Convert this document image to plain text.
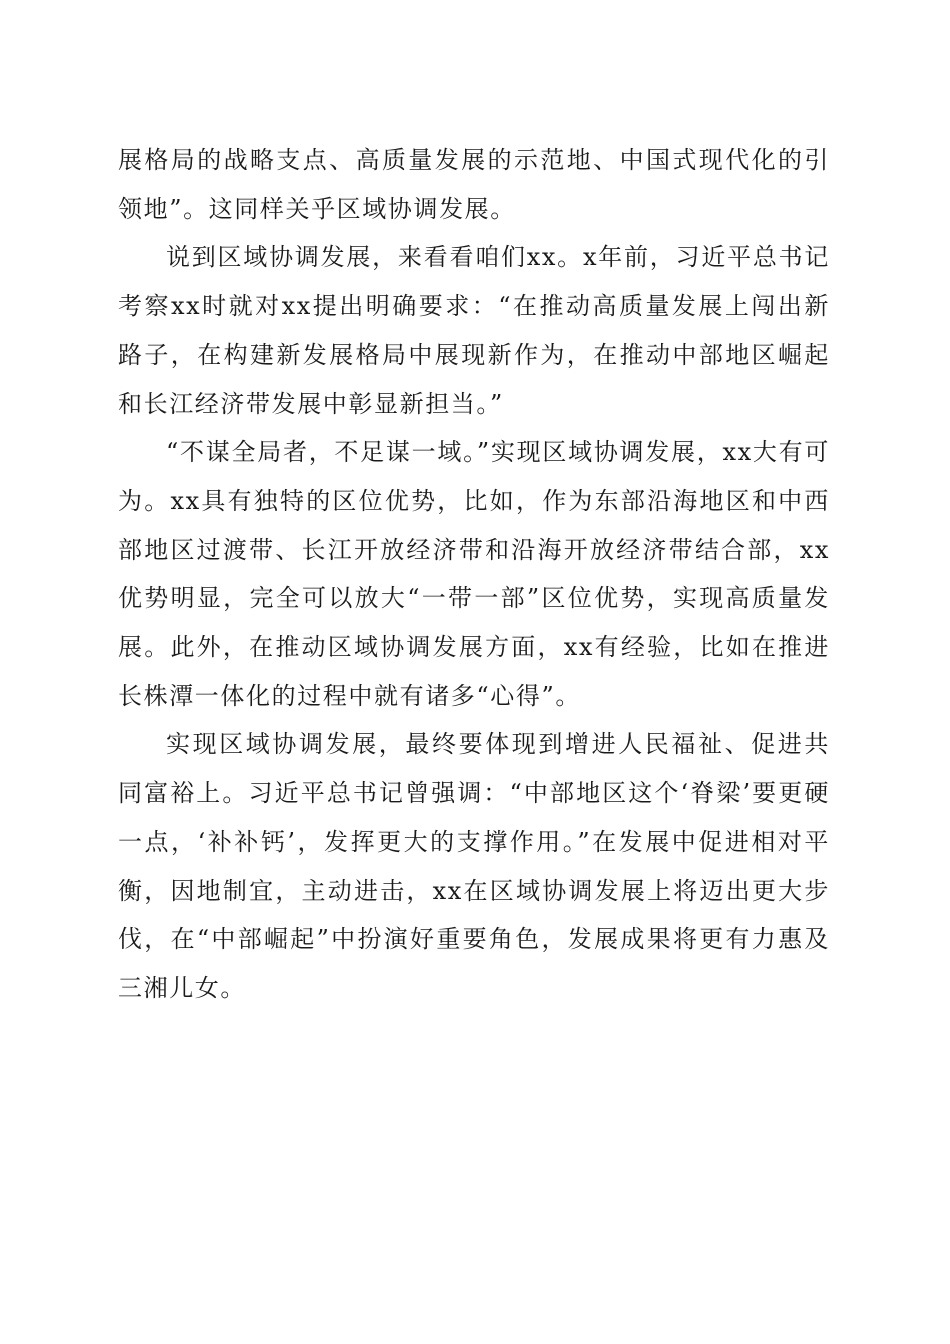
展格局的战略支点、高质量发展的示范地、中国式现代化的引领地”。这同样关乎区域协调发展。

说到区域协调发展，来看看咱们xx。x年前，习近平总书记考察xx时就对xx提出明确要求：“在推动高质量发展上闯出新路子，在构建新发展格局中展现新作为，在推动中部地区崛起和长江经济带发展中彰显新担当。”

“不谋全局者，不足谋一域。”实现区域协调发展，xx大有可为。xx具有独特的区位优势，比如，作为东部沿海地区和中西部地区过渡带、长江开放经济带和沿海开放经济带结合部，xx优势明显，完全可以放大“一带一部”区位优势，实现高质量发展。此外，在推动区域协调发展方面，xx有经验，比如在推进长株潭一体化的过程中就有诸多“心得”。

实现区域协调发展，最终要体现到增进人民福祉、促进共同富裕上。习近平总书记曾强调：“中部地区这个‘脊梁’要更硬一点，‘补补钙’，发挥更大的支撑作用。”在发展中促进相对平衡，因地制宜，主动进击，xx在区域协调发展上将迈出更大步伐，在“中部崛起”中扮演好重要角色，发展成果将更有力惠及三湘儿女。
